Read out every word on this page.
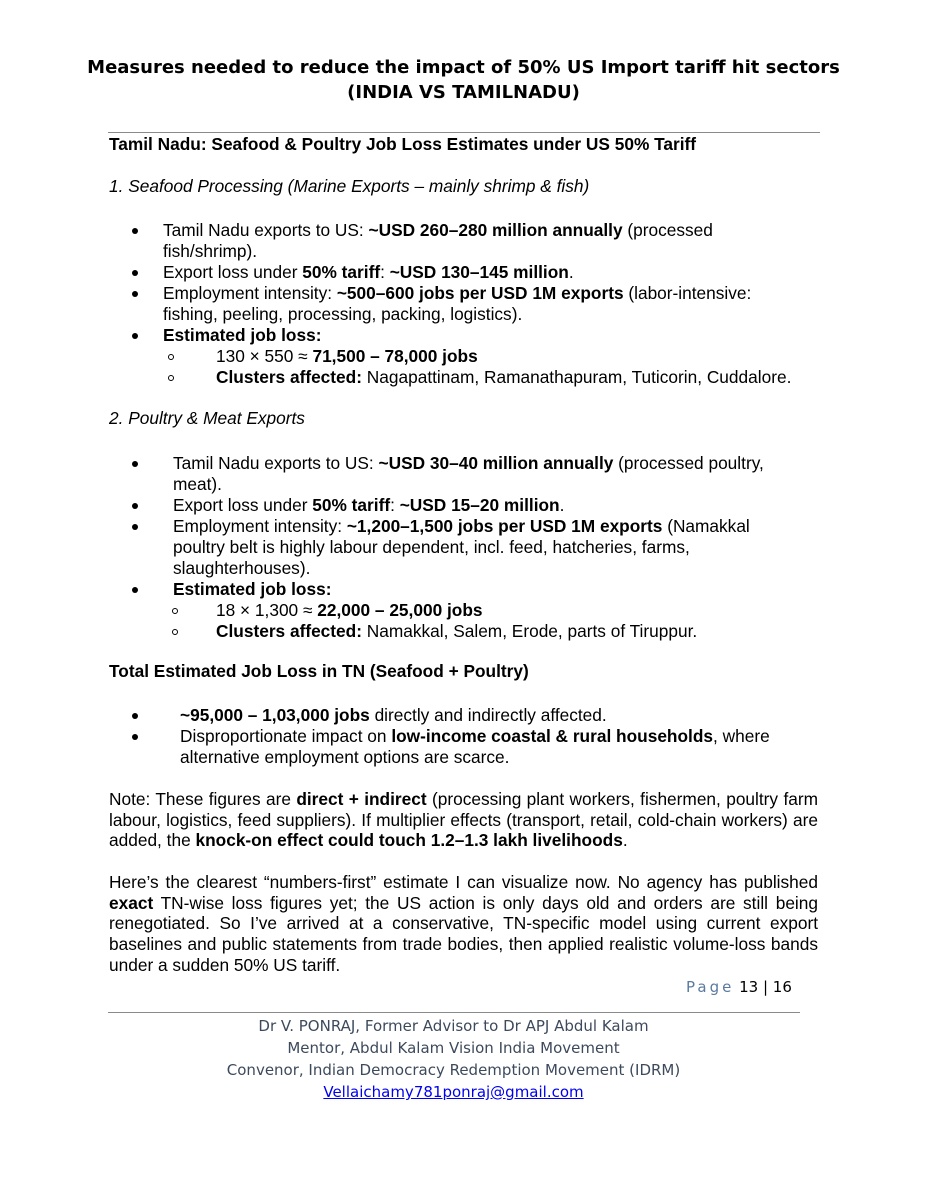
Measures needed to reduce the impact of 50% US Import tariff hit sectors
(INDIA VS TAMILNADU)
Tamil Nadu: Seafood & Poultry Job Loss Estimates under US 50% Tariff
1. Seafood Processing (Marine Exports – mainly shrimp & fish)
Tamil Nadu exports to US: ~USD 260–280 million annually (processed
fish/shrimp).
Export loss under 50% tariff: ~USD 130–145 million.
Employment intensity: ~500–600 jobs per USD 1M exports (labor-intensive:
fishing, peeling, processing, packing, logistics).
Estimated job loss:
130 × 550 ≈ 71,500 – 78,000 jobs
Clusters affected: Nagapattinam, Ramanathapuram, Tuticorin, Cuddalore.
2. Poultry & Meat Exports
Tamil Nadu exports to US: ~USD 30–40 million annually (processed poultry,
meat).
Export loss under 50% tariff: ~USD 15–20 million.
Employment intensity: ~1,200–1,500 jobs per USD 1M exports (Namakkal
poultry belt is highly labour dependent, incl. feed, hatcheries, farms,
slaughterhouses).
Estimated job loss:
18 × 1,300 ≈ 22,000 – 25,000 jobs
Clusters affected: Namakkal, Salem, Erode, parts of Tiruppur.
Total Estimated Job Loss in TN (Seafood + Poultry)
~95,000 – 1,03,000 jobs directly and indirectly affected.
Disproportionate impact on low-income coastal & rural households, where
alternative employment options are scarce.
Note: These figures are direct + indirect (processing plant workers, fishermen, poultry farm labour, logistics, feed suppliers). If multiplier effects (transport, retail, cold-chain workers) are added, the knock-on effect could touch 1.2–1.3 lakh livelihoods.
Here’s the clearest “numbers-first” estimate I can visualize now. No agency has published exact TN-wise loss figures yet; the US action is only days old and orders are still being renegotiated. So I’ve arrived at a conservative, TN-specific model using current export baselines and public statements from trade bodies, then applied realistic volume-loss bands under a sudden 50% US tariff.
Page 13 | 16
Dr V. PONRAJ, Former Advisor to Dr APJ Abdul Kalam
Mentor, Abdul Kalam Vision India Movement
Convenor, Indian Democracy Redemption Movement (IDRM)
Vellaichamy781ponraj@gmail.com
